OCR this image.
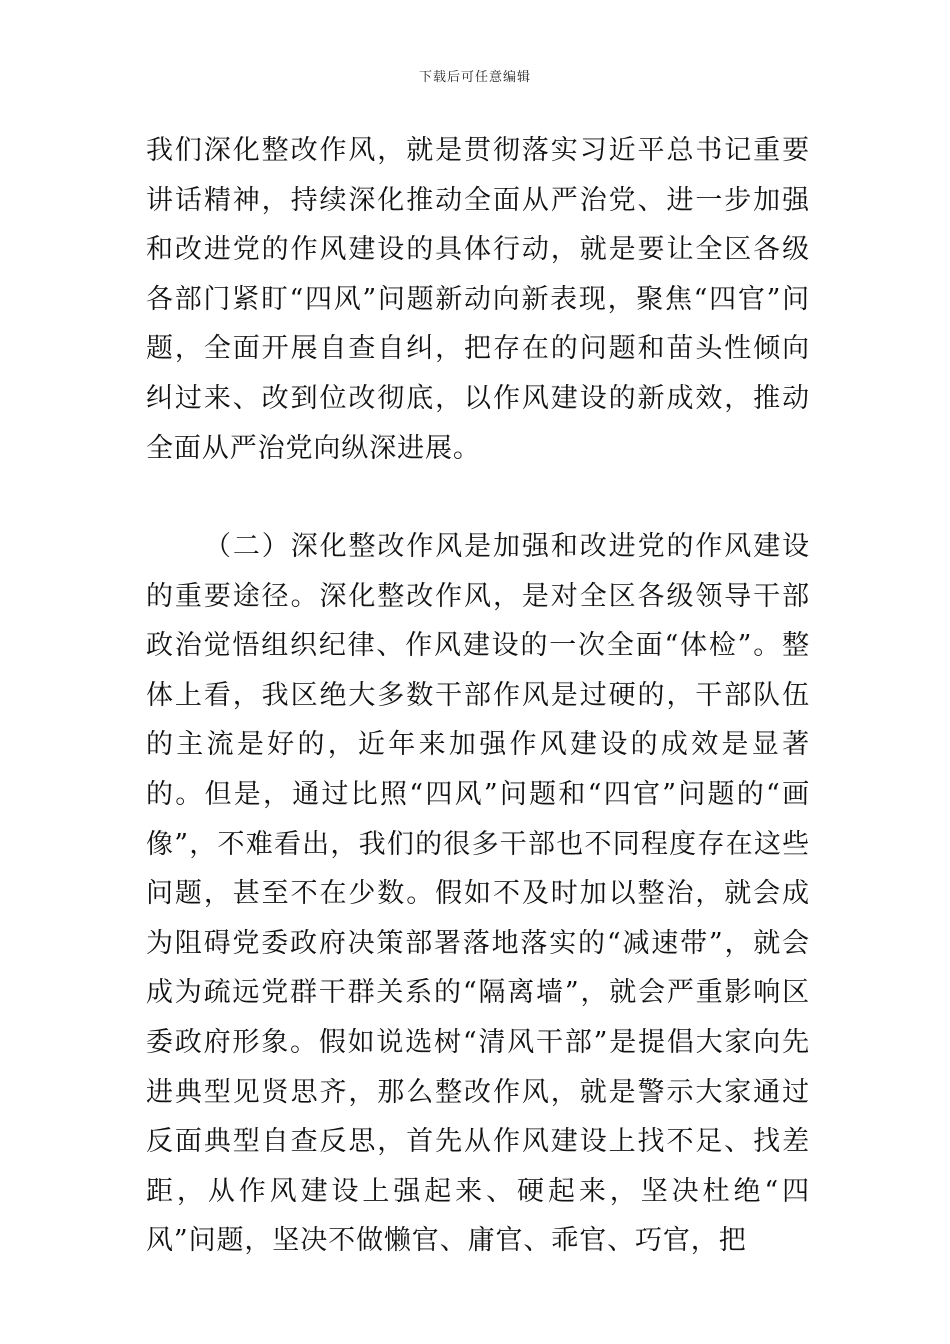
下载后可任意编辑

我们深化整改作风，就是贯彻落实习近平总书记重要讲话精神，持续深化推动全面从严治党、进一步加强和改进党的作风建设的具体行动，就是要让全区各级各部门紧盯“四风”问题新动向新表现，聚焦“四官”问题，全面开展自查自纠，把存在的问题和苗头性倾向纠过来、改到位改彻底，以作风建设的新成效，推动全面从严治党向纵深进展。

（二）深化整改作风是加强和改进党的作风建设的重要途径。深化整改作风，是对全区各级领导干部政治觉悟组织纪律、作风建设的一次全面“体检”。整体上看，我区绝大多数干部作风是过硬的，干部队伍的主流是好的，近年来加强作风建设的成效是显著的。但是，通过比照“四风”问题和“四官”问题的“画像”，不难看出，我们的很多干部也不同程度存在这些问题，甚至不在少数。假如不及时加以整治，就会成为阻碍党委政府决策部署落地落实的“减速带”，就会成为疏远党群干群关系的“隔离墙”，就会严重影响区委政府形象。假如说选树“清风干部”是提倡大家向先进典型见贤思齐，那么整改作风，就是警示大家通过反面典型自查反思，首先从作风建设上找不足、找差距，从作风建设上强起来、硬起来，坚决杜绝“四风”问题，坚决不做懒官、庸官、乖官、巧官，把
